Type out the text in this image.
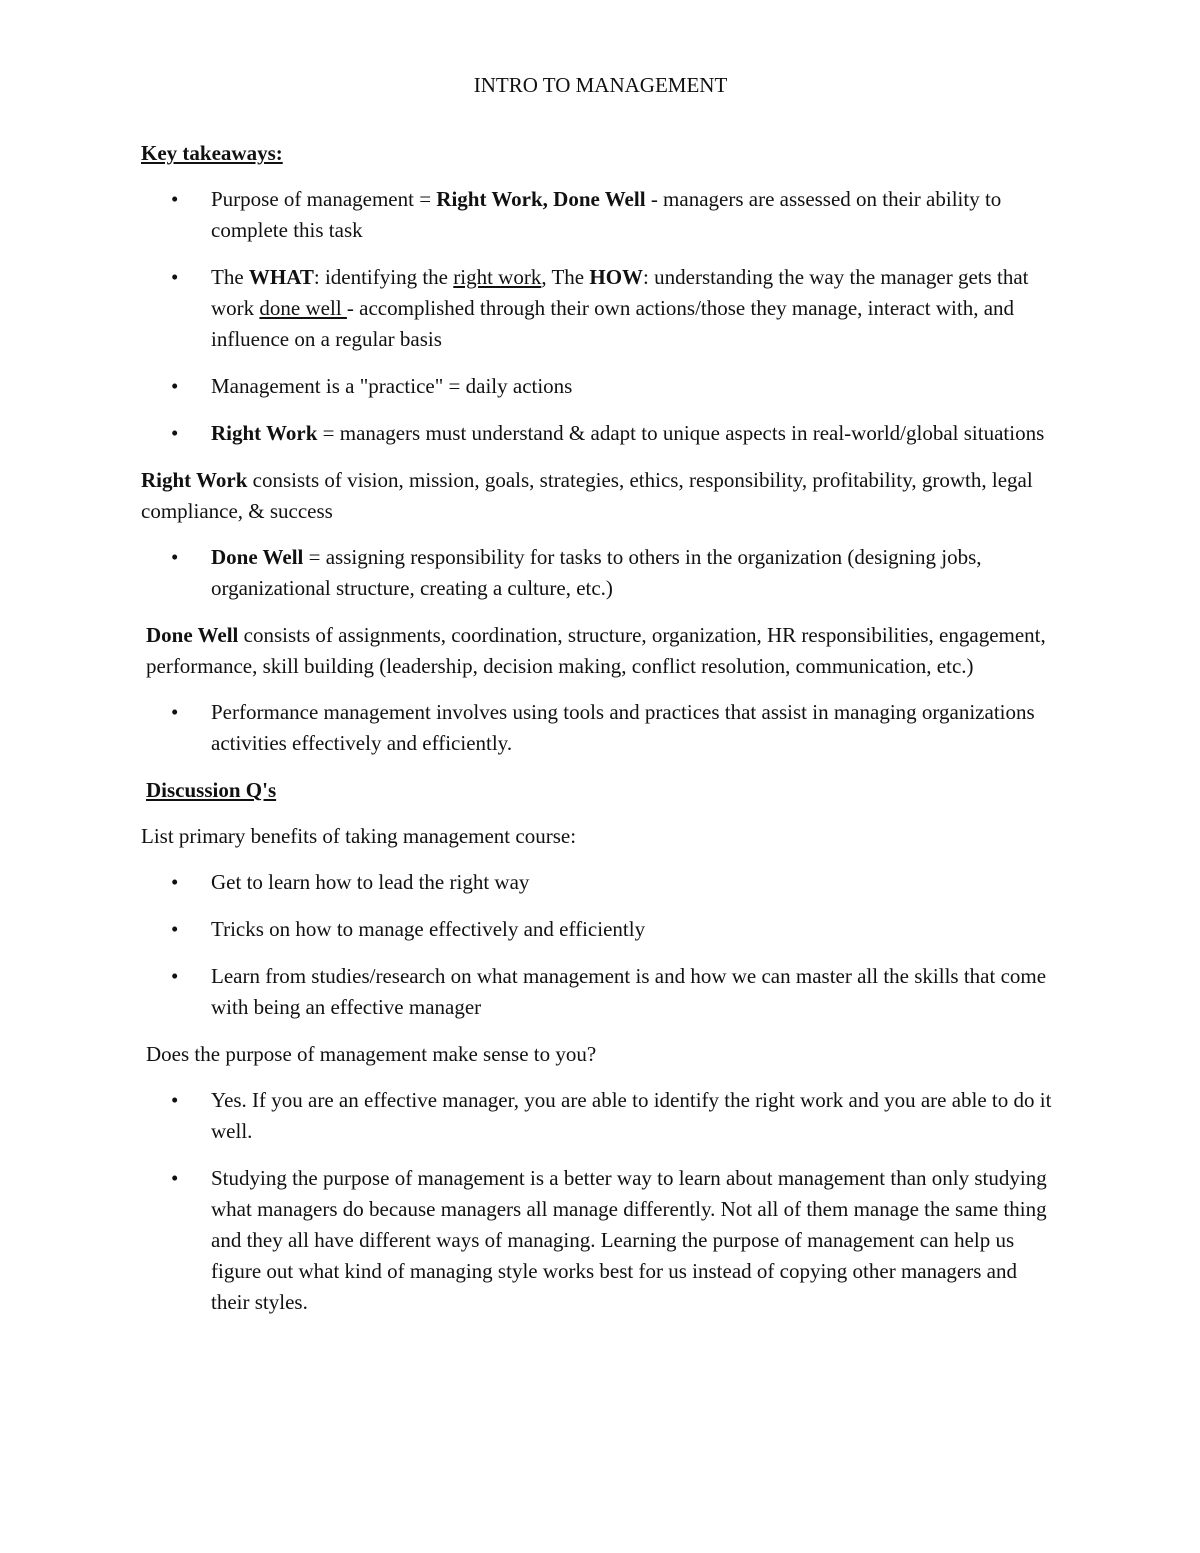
INTRO TO MANAGEMENT
Key takeaways:
• Purpose of management = Right Work, Done Well - managers are assessed on their ability to complete this task
• The WHAT: identifying the right work, The HOW: understanding the way the manager gets that work done well - accomplished through their own actions/those they manage, interact with, and influence on a regular basis
• Management is a "practice" = daily actions
• Right Work = managers must understand & adapt to unique aspects in real-world/global situations

Right Work consists of vision, mission, goals, strategies, ethics, responsibility, profitability, growth, legal compliance, & success

• Done Well = assigning responsibility for tasks to others in the organization (designing jobs, organizational structure, creating a culture, etc.)

Done Well consists of assignments, coordination, structure, organization, HR responsibilities, engagement, performance, skill building (leadership, decision making, conflict resolution, communication, etc.)

• Performance management involves using tools and practices that assist in managing organizations activities effectively and efficiently.
Discussion Q's

List primary benefits of taking management course:

• Get to learn how to lead the right way
• Tricks on how to manage effectively and efficiently
• Learn from studies/research on what management is and how we can master all the skills that come with being an effective manager

Does the purpose of management make sense to you?

• Yes. If you are an effective manager, you are able to identify the right work and you are able to do it well.
• Studying the purpose of management is a better way to learn about management than only studying what managers do because managers all manage differently. Not all of them manage the same thing and they all have different ways of managing. Learning the purpose of management can help us figure out what kind of managing style works best for us instead of copying other managers and their styles.
